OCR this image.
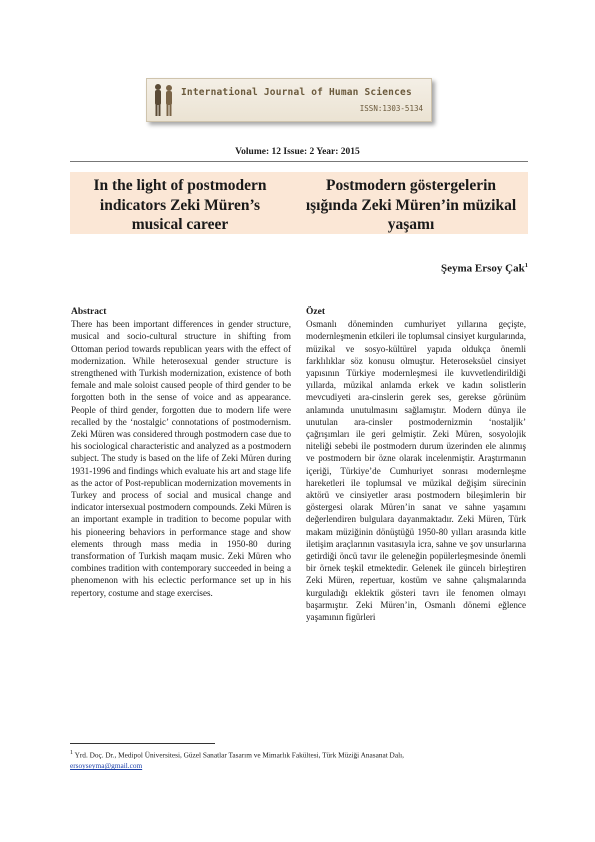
International Journal of Human Sciences
ISSN:1303-5134
Volume: 12 Issue: 2 Year: 2015
In the light of postmodern indicators Zeki Müren’s musical career
Postmodern göstergelerin ışığında Zeki Müren’in müzikal yaşamı
Şeyma Ersoy Çak$^1$
Abstract

There has been important differences in gender structure, musical and socio-cultural structure in shifting from Ottoman period towards republican years with the effect of modernization. While heterosexual gender structure is strengthened with Turkish modernization, existence of both female and male soloist caused people of third gender to be forgotten both in the sense of voice and as appearance. People of third gender, forgotten due to modern life were recalled by the ‘nostalgic’ connotations of postmodernism. Zeki Müren was considered through postmodern case due to his sociological characteristic and analyzed as a postmodern subject. The study is based on the life of Zeki Müren during 1931-1996 and findings which evaluate his art and stage life as the actor of Post-republican modernization movements in Turkey and process of social and musical change and indicator intersexual postmodern compounds. Zeki Müren is an important example in tradition to become popular with his pioneering behaviors in performance stage and show elements through mass media in 1950-80 during transformation of Turkish maqam music. Zeki Müren who combines tradition with contemporary succeeded in being a phenomenon with his eclectic performance set up in his repertory, costume and stage exercises.

Özet

Osmanlı döneminden cumhuriyet yıllarına geçişte, modernleşmenin etkileri ile toplumsal cinsiyet kurgularında, müzikal ve sosyo-kültürel yapıda oldukça önemli farklılıklar söz konusu olmuştur. Heteroseksüel cinsiyet yapısının Türkiye modernleşmesi ile kuvvetlendirildiği yıllarda, müzikal anlamda erkek ve kadın solistlerin mevcudiyeti ara-cinslerin gerek ses, gerekse görünüm anlamında unutulmasını sağlamıştır. Modern dünya ile unutulan ara-cinsler postmodernizmin ‘nostaljik’ çağrışımları ile geri gelmiştir. Zeki Müren, sosyolojik niteliği sebebi ile postmodern durum üzerinden ele alınmış ve postmodern bir özne olarak incelenmiştir. Araştırmanın içeriği, Türkiye’de Cumhuriyet sonrası modernleşme hareketleri ile toplumsal ve müzikal değişim sürecinin aktörü ve cinsiyetler arası postmodern bileşimlerin bir göstergesi olarak Müren’in sanat ve sahne yaşamını değerlendiren bulgulara dayanmaktadır. Zeki Müren, Türk makam müziğinin dönüştüğü 1950-80 yılları arasında kitle iletişim araçlarının vasıtasıyla icra, sahne ve şov unsurlarına getirdiği öncü tavır ile geleneğin popülerleşmesinde önemli bir örnek teşkil etmektedir. Gelenek ile güncelı birleştiren Zeki Müren, repertuar, kostüm ve sahne çalışmalarında kurguladığı eklektik gösteri tavrı ile fenomen olmayı başarmıştır. Zeki Müren’in, Osmanlı dönemi eğlence yaşamının figürleri

$^1$ Yrd. Doç. Dr., Medipol Üniversitesi, Güzel Sanatlar Tasarım ve Mimarlık Fakültesi, Türk Müziği Anasanat Dalı,
ersoyseyma@gmail.com
